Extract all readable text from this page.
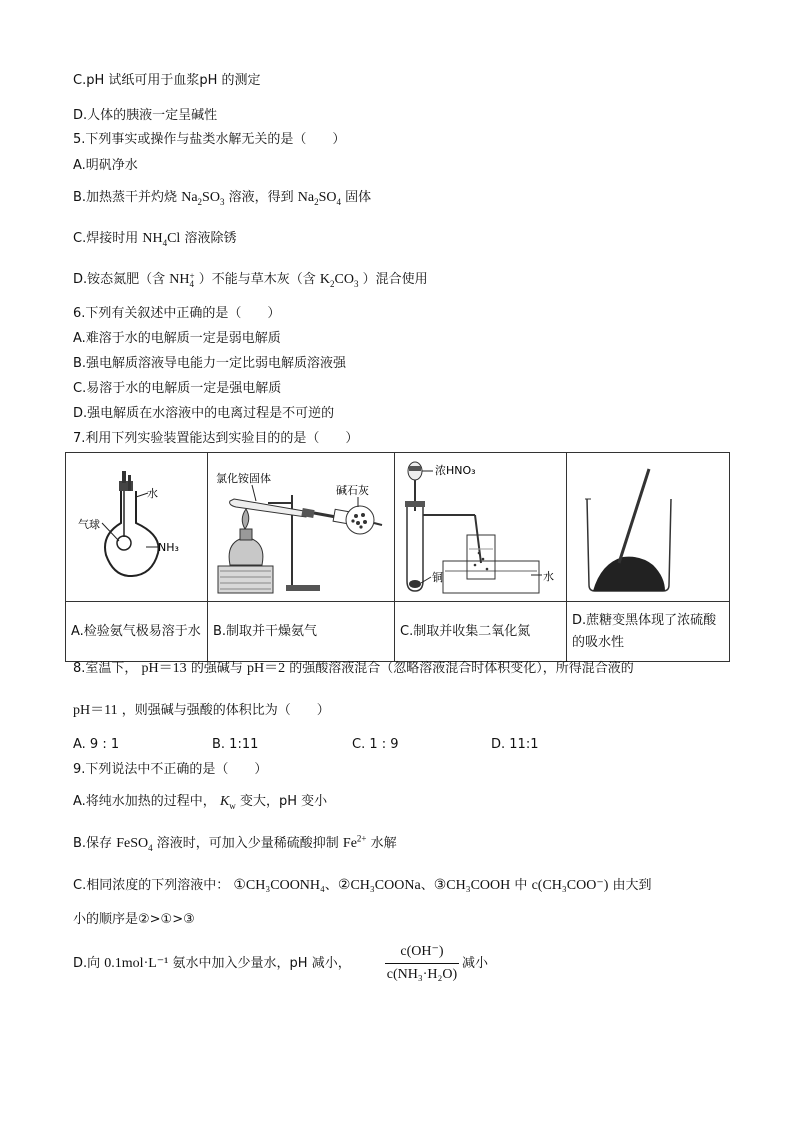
C.pH 试纸可用于血浆pH 的测定
D.人体的胰液一定呈碱性
5.下列事实或操作与盐类水解无关的是（　　）
A.明矾净水
B.加热蒸干并灼烧 $Na_2SO_3$ 溶液，得到 $Na_2SO_4$ 固体
C.焊接时用 $NH_4Cl$ 溶液除锈
D.铵态氮肥（含 NH +
4 ）不能与草木灰（含 $K_2CO_3$ ）混合使用
6.下列有关叙述中正确的是（　　）
A.难溶于水的电解质一定是弱电解质
B.强电解质溶液导电能力一定比弱电解质溶液强
C.易溶于水的电解质一定是强电解质
D.强电解质在水溶液中的电离过程是不可逆的
7.利用下列实验装置能达到实验目的的是（　　）
水
气球
NH₃	氯化铵固体
碱石灰	浓HNO₃
铜 水

A.检验氨气极易溶于水	B.制取并干燥氨气	C.制取并收集二氧化氮	D.蔗糖变黑体现了浓硫酸的吸水性
8.室温下， pH＝13 的强碱与 pH＝2 的强酸溶液混合（忽略溶液混合时体积变化），所得混合液的
pH＝11 ，则强碱与强酸的体积比为（　　）
A. 9 : 1	B. 1:11	C. 1 : 9	D. 11:1
9.下列说法中不正确的是（　　）
A.将纯水加热的过程中， $K_w$ 变大，pH 变小
B.保存 FeSO$_4$ 溶液时，可加入少量稀硫酸抑制 $Fe^{2+}$ 水解
C.相同浓度的下列溶液中： ①CH₃COONH₄、②CH₃COONa、③CH₃COOH 中 c(CH₃COO⁻) 由大到
小的顺序是②>①>③
D.向 0.1mol·L⁻¹ 氨水中加入少量水，pH 减小，
c(OH⁻)
c(NH₃·H₂O)
减小
